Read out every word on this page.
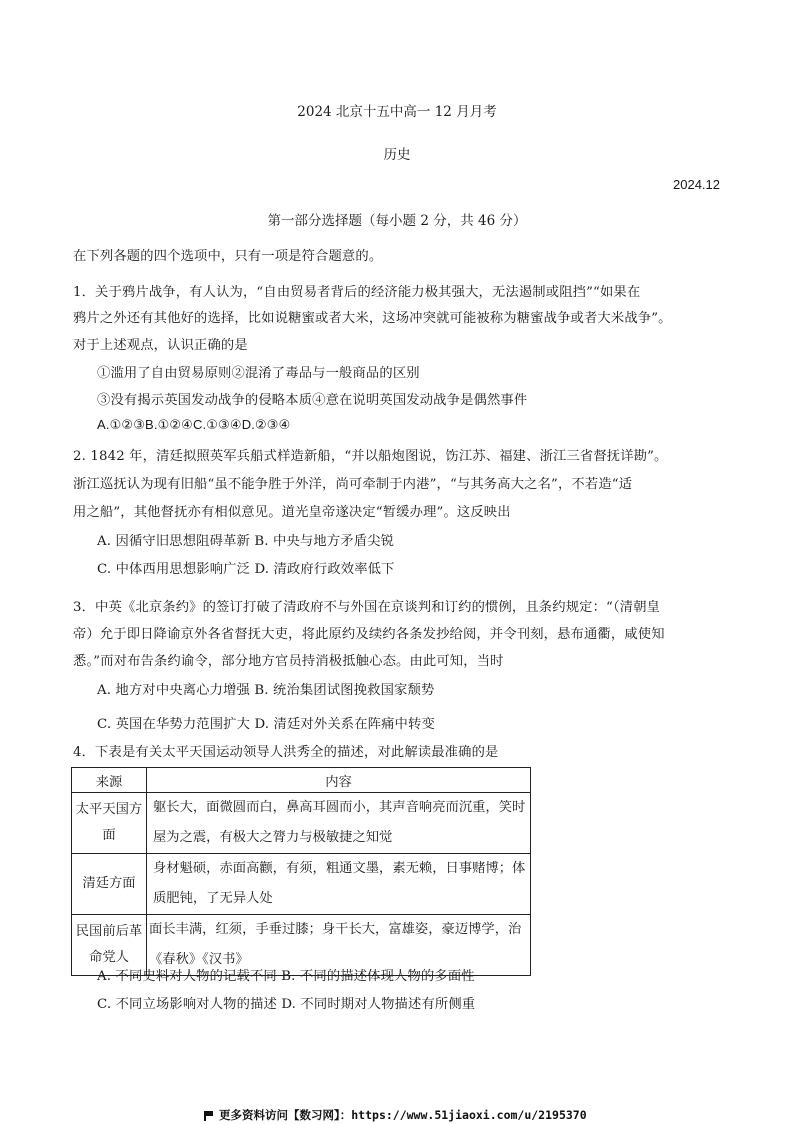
2024 北京十五中高一 12 月月考
历史
2024.12
第一部分选择题（每小题 2 分，共 46 分）
在下列各题的四个选项中，只有一项是符合题意的。
1．关于鸦片战争，有人认为，“自由贸易者背后的经济能力极其强大，无法遏制或阻挡”“如果在
鸦片之外还有其他好的选择，比如说糖蜜或者大米，这场冲突就可能被称为糖蜜战争或者大米战争”。
对于上述观点，认识正确的是
①滥用了自由贸易原则②混淆了毒品与一般商品的区别
③没有揭示英国发动战争的侵略本质④意在说明英国发动战争是偶然事件
A.①②③B.①②④C.①③④D.②③④
2. 1842 年，清廷拟照英军兵船式样造新船，“并以船炮图说，饬江苏、福建、浙江三省督抚详勘”。
浙江巡抚认为现有旧船“虽不能争胜于外洋，尚可牵制于内港”，“与其务高大之名”，不若造“适
用之船”，其他督抚亦有相似意见。道光皇帝遂决定“暂缓办理”。这反映出
A. 因循守旧思想阻碍革新 B. 中央与地方矛盾尖锐
C. 中体西用思想影响广泛 D. 清政府行政效率低下
3．中英《北京条约》的签订打破了清政府不与外国在京谈判和订约的惯例，且条约规定：“（清朝皇
帝）允于即日降谕京外各省督抚大吏，将此原约及续约各条发抄给阅，并令刊刻，悬布通衢，咸使知
悉。”而对布告条约谕令，部分地方官员持消极抵触心态。由此可知，当时
A. 地方对中央离心力增强 B. 统治集团试图挽救国家颓势
C. 英国在华势力范围扩大 D. 清廷对外关系在阵痛中转变
4．下表是有关太平天国运动领导人洪秀全的描述，对此解读最准确的是
来源	内容
太平天国方面	躯长大，面微圆而白，鼻高耳圆而小，其声音响亮而沉重，笑时屋为之震，有极大之膂力与极敏捷之知觉
清廷方面	身材魁硕，赤面高颧，有须，粗通文墨，素无赖，日事赌博；体质肥钝，了无异人处
民国前后革命党人	面长丰满，红须，手垂过膝；身干长大，富雄姿，豪迈博学，治《春秋》《汉书》
A. 不同史料对人物的记载不同 B. 不同的描述体现人物的多面性
C. 不同立场影响对人物的描述 D. 不同时期对人物描述有所侧重
更多资料访问【数习网】：https://www.51jiaoxi.com/u/2195370
